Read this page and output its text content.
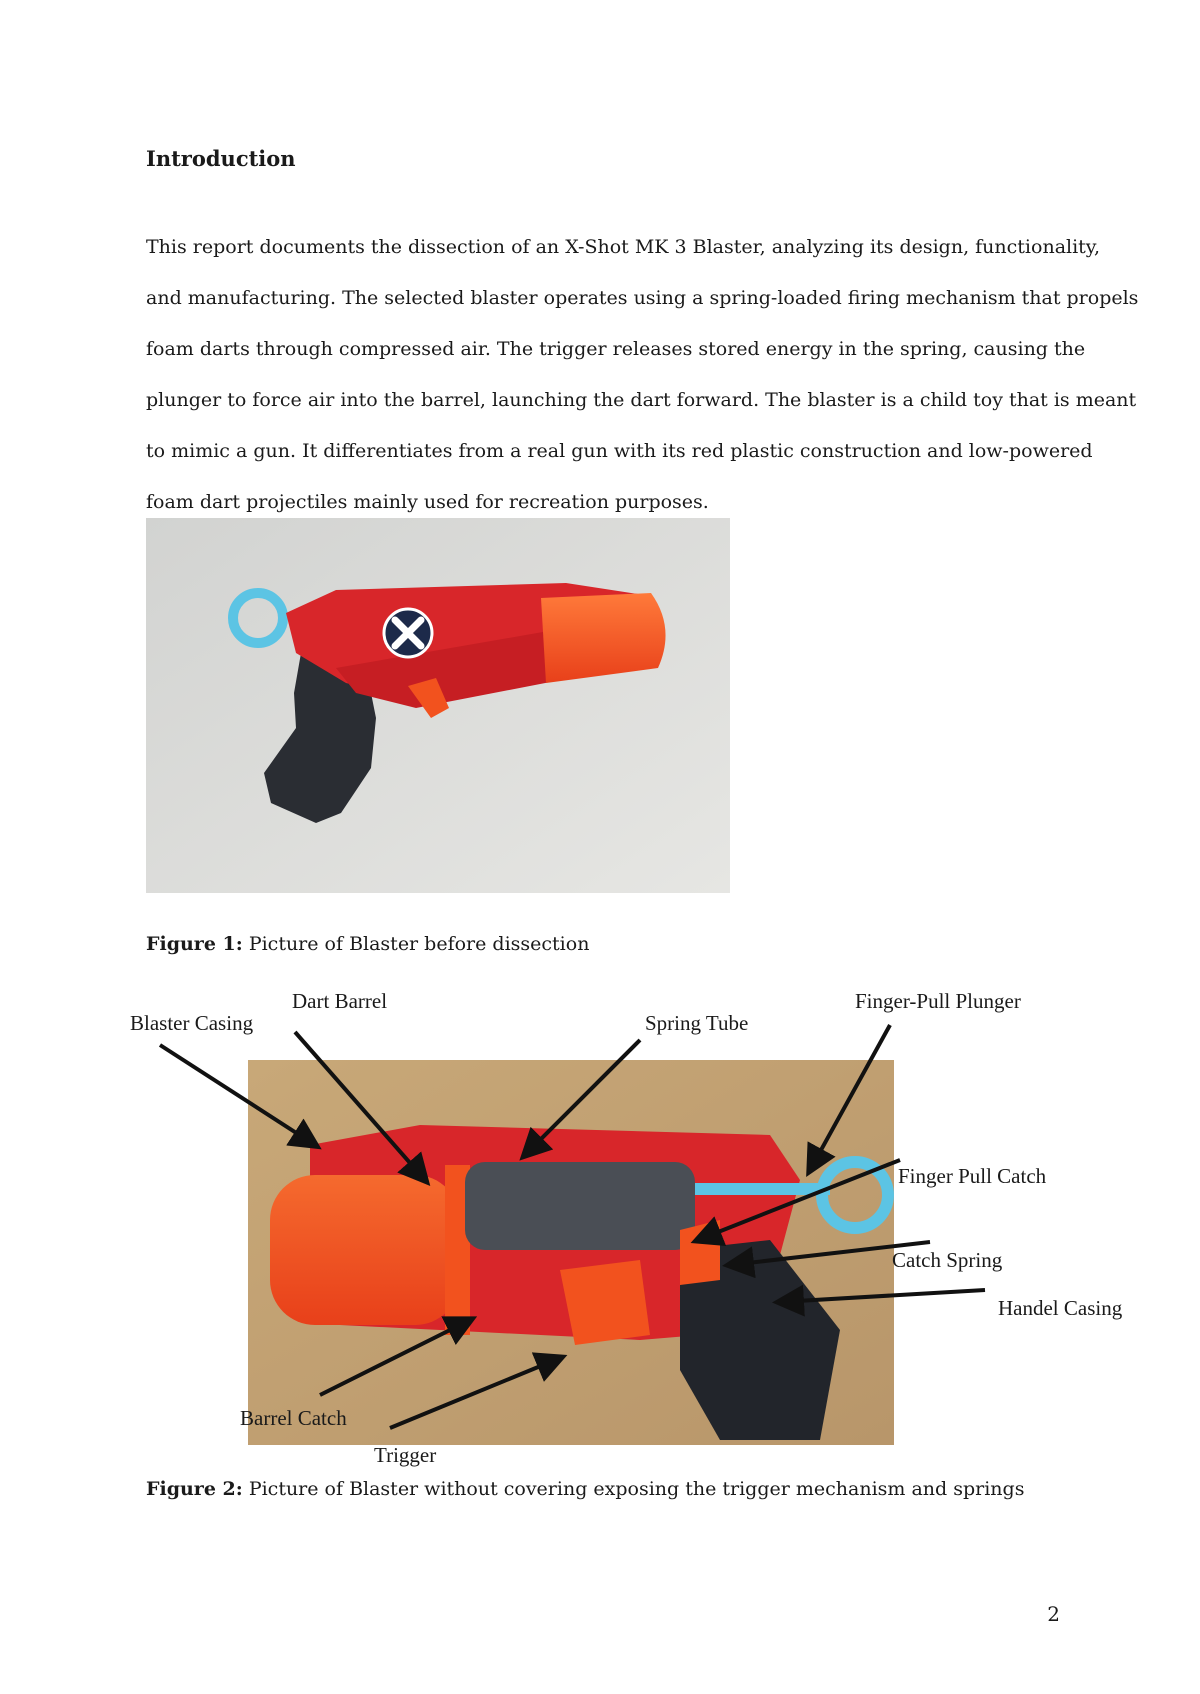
Introduction

This report documents the dissection of an X-Shot MK 3 Blaster, analyzing its design, functionality,
and manufacturing. The selected blaster operates using a spring-loaded firing mechanism that propels
foam darts through compressed air. The trigger releases stored energy in the spring, causing the
plunger to force air into the barrel, launching the dart forward. The blaster is a child toy that is meant
to mimic a gun. It differentiates from a real gun with its red plastic construction and low-powered
foam dart projectiles mainly used for recreation purposes.

Figure 1: Picture of Blaster before dissection

Blaster Casing
Dart Barrel
Spring Tube
Finger-Pull Plunger
Finger Pull Catch
Catch Spring
Handel Casing
Barrel Catch
Trigger

Figure 2: Picture of Blaster without covering exposing the trigger mechanism and springs

2
